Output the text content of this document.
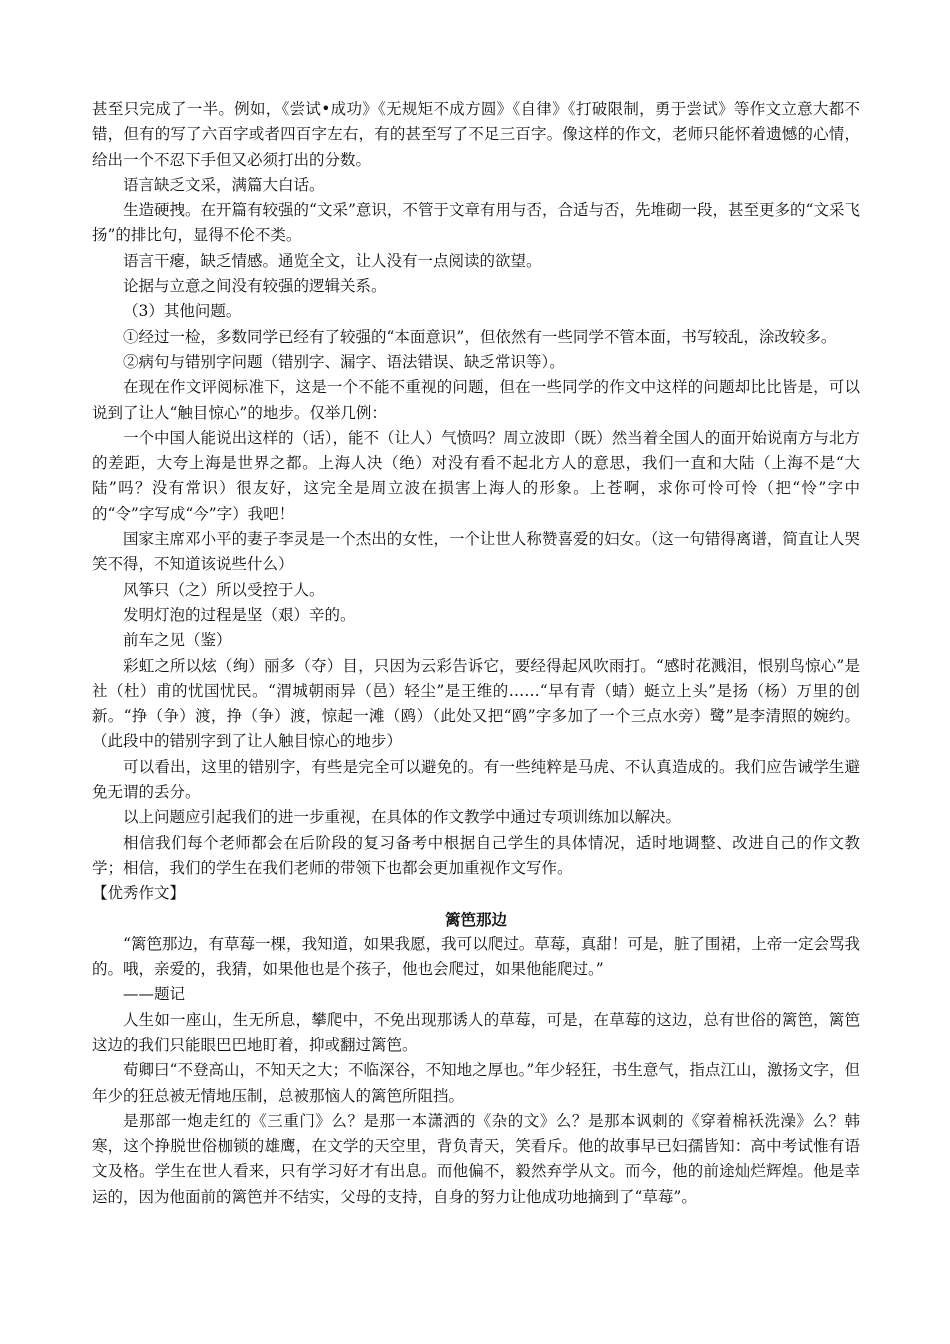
甚至只完成了一半。例如，《尝试•成功》《无规矩不成方圆》《自律》《打破限制，勇于尝试》等作文立意大都不错，但有的写了六百字或者四百字左右，有的甚至写了不足三百字。像这样的作文，老师只能怀着遗憾的心情，给出一个不忍下手但又必须打出的分数。

语言缺乏文采，满篇大白话。

生造硬拽。在开篇有较强的“文采”意识，不管于文章有用与否，合适与否，先堆砌一段，甚至更多的“文采飞扬”的排比句，显得不伦不类。

语言干瘪，缺乏情感。通览全文，让人没有一点阅读的欲望。

论据与立意之间没有较强的逻辑关系。

（3）其他问题。

①经过一检，多数同学已经有了较强的“本面意识”，但依然有一些同学不管本面，书写较乱，涂改较多。

②病句与错别字问题（错别字、漏字、语法错误、缺乏常识等）。

在现在作文评阅标准下，这是一个不能不重视的问题，但在一些同学的作文中这样的问题却比比皆是，可以说到了让人“触目惊心”的地步。仅举几例：

一个中国人能说出这样的（话），能不（让人）气愤吗？周立波即（既）然当着全国人的面开始说南方与北方的差距，大夸上海是世界之都。上海人决（绝）对没有看不起北方人的意思，我们一直和大陆（上海不是“大陆”吗？没有常识）很友好，这完全是周立波在损害上海人的形象。上苍啊，求你可怜可怜（把“怜”字中的“令”字写成“今”字）我吧！

国家主席邓小平的妻子李灵是一个杰出的女性，一个让世人称赞喜爱的妇女。（这一句错得离谱，简直让人哭笑不得，不知道该说些什么）

风筝只（之）所以受控于人。

发明灯泡的过程是坚（艰）辛的。

前车之见（鉴）

彩虹之所以炫（绚）丽多（夺）目，只因为云彩告诉它，要经得起风吹雨打。“感时花溅泪，恨别鸟惊心”是社（杜）甫的忧国忧民。“渭城朝雨异（邑）轻尘”是王维的……“早有青（蜻）蜓立上头”是扬（杨）万里的创新。“挣（争）渡，挣（争）渡，惊起一滩（鸥）（此处又把“鸥”字多加了一个三点水旁）鹭”是李清照的婉约。（此段中的错别字到了让人触目惊心的地步）

可以看出，这里的错别字，有些是完全可以避免的。有一些纯粹是马虎、不认真造成的。我们应告诫学生避免无谓的丢分。

以上问题应引起我们的进一步重视，在具体的作文教学中通过专项训练加以解决。

相信我们每个老师都会在后阶段的复习备考中根据自己学生的具体情况，适时地调整、改进自己的作文教学；相信，我们的学生在我们老师的带领下也都会更加重视作文写作。

【优秀作文】

篱笆那边

“篱笆那边，有草莓一棵，我知道，如果我愿，我可以爬过。草莓，真甜！可是，脏了围裙，上帝一定会骂我的。哦，亲爱的，我猜，如果他也是个孩子，他也会爬过，如果他能爬过。”

——题记

人生如一座山，生无所息，攀爬中，不免出现那诱人的草莓，可是，在草莓的这边，总有世俗的篱笆，篱笆这边的我们只能眼巴巴地盯着，抑或翻过篱笆。

荀卿曰“不登高山，不知天之大；不临深谷，不知地之厚也。”年少轻狂，书生意气，指点江山，激扬文字，但年少的狂总被无情地压制，总被那恼人的篱笆所阻挡。

是那部一炮走红的《三重门》么？是那一本潇洒的《杂的文》么？是那本讽刺的《穿着棉袄洗澡》么？韩寒，这个挣脱世俗枷锁的雄鹰，在文学的天空里，背负青天，笑看斥。他的故事早已妇孺皆知：高中考试惟有语文及格。学生在世人看来，只有学习好才有出息。而他偏不，毅然弃学从文。而今，他的前途灿烂辉煌。他是幸运的，因为他面前的篱笆并不结实，父母的支持，自身的努力让他成功地摘到了“草莓”。
